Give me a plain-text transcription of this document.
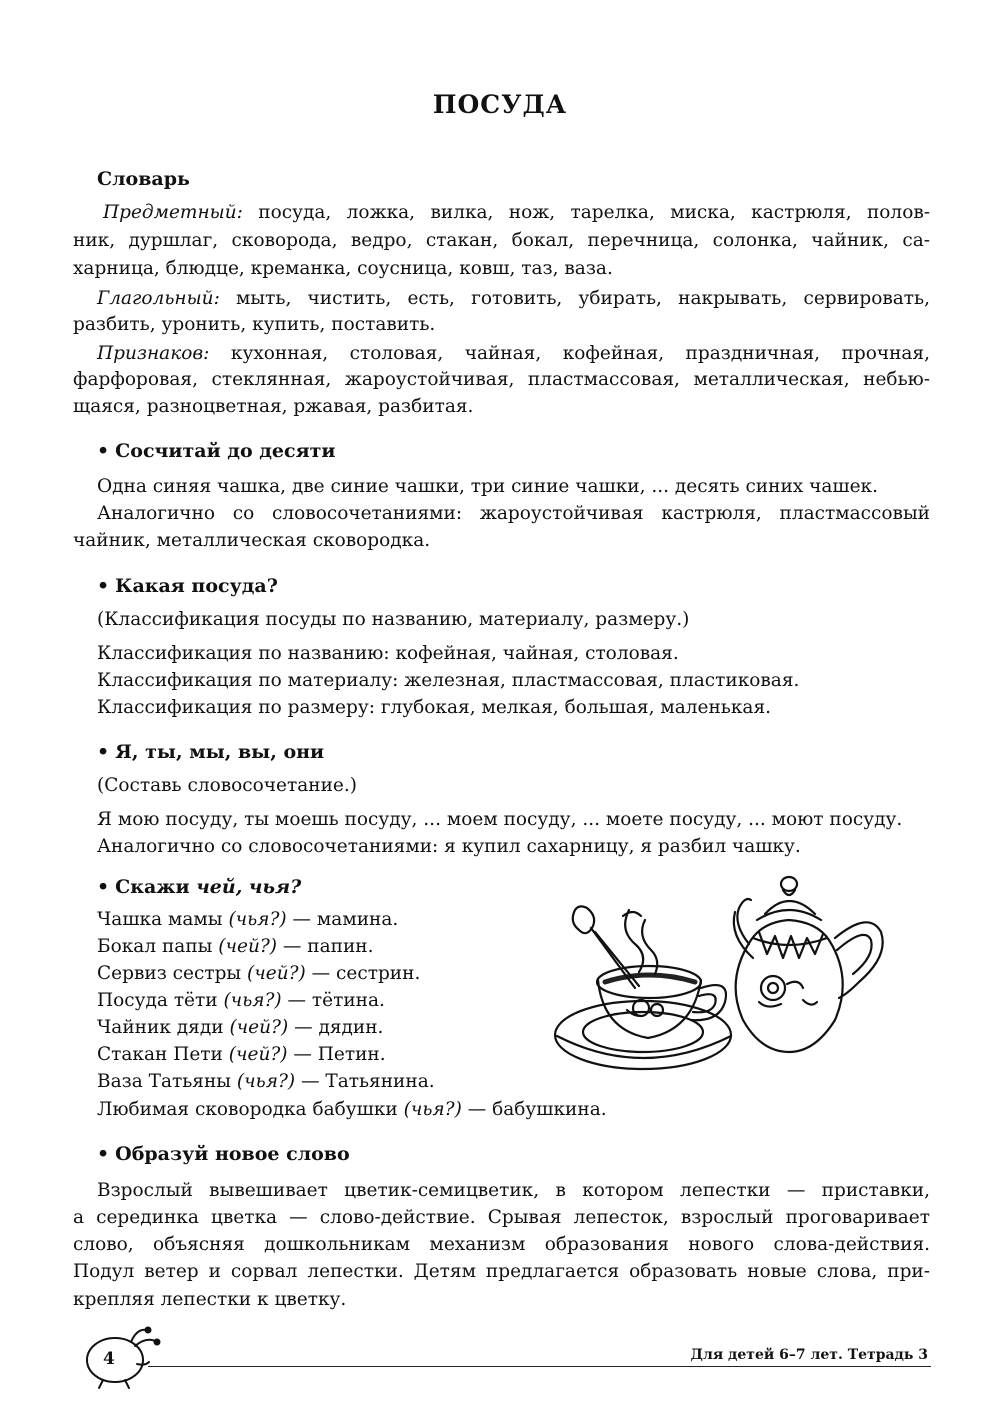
ПОСУДА
Словарь
Предметный: посуда, ложка, вилка, нож, тарелка, миска, кастрюля, полов-
ник, дуршлаг, сковорода, ведро, стакан, бокал, перечница, солонка, чайник, са-
харница, блюдце, креманка, соусница, ковш, таз, ваза.
Глагольный: мыть, чистить, есть, готовить, убирать, накрывать, сервировать,
разбить, уронить, купить, поставить.
Признаков: кухонная, столовая, чайная, кофейная, праздничная, прочная,
фарфоровая, стеклянная, жароустойчивая, пластмассовая, металлическая, небью-
щаяся, разноцветная, ржавая, разбитая.
• Сосчитай до десяти
Одна синяя чашка, две синие чашки, три синие чашки, ... десять синих чашек.
Аналогично со словосочетаниями: жароустойчивая кастрюля, пластмассовый
чайник, металлическая сковородка.
• Какая посуда?
(Классификация посуды по названию, материалу, размеру.)
Классификация по названию: кофейная, чайная, столовая.
Классификация по материалу: железная, пластмассовая, пластиковая.
Классификация по размеру: глубокая, мелкая, большая, маленькая.
• Я, ты, мы, вы, они
(Составь словосочетание.)
Я мою посуду, ты моешь посуду, ... моем посуду, ... моете посуду, ... моют посуду.
Аналогично со словосочетаниями: я купил сахарницу, я разбил чашку.
• Скажи чей, чья?
Чашка мамы (чья?) — мамина.
Бокал папы (чей?) — папин.
Сервиз сестры (чей?) — сестрин.
Посуда тёти (чья?) — тётина.
Чайник дяди (чей?) — дядин.
Стакан Пети (чей?) — Петин.
Ваза Татьяны (чья?) — Татьянина.
Любимая сковородка бабушки (чья?) — бабушкина.
• Образуй новое слово
Взрослый вывешивает цветик-семицветик, в котором лепестки — приставки,
а серединка цветка — слово-действие. Срывая лепесток, взрослый проговаривает
слово, объясняя дошкольникам механизм образования нового слова-действия.
Подул ветер и сорвал лепестки. Детям предлагается образовать новые слова, при-
крепляя лепестки к цветку.
4	Для детей 6–7 лет. Тетрадь 3
